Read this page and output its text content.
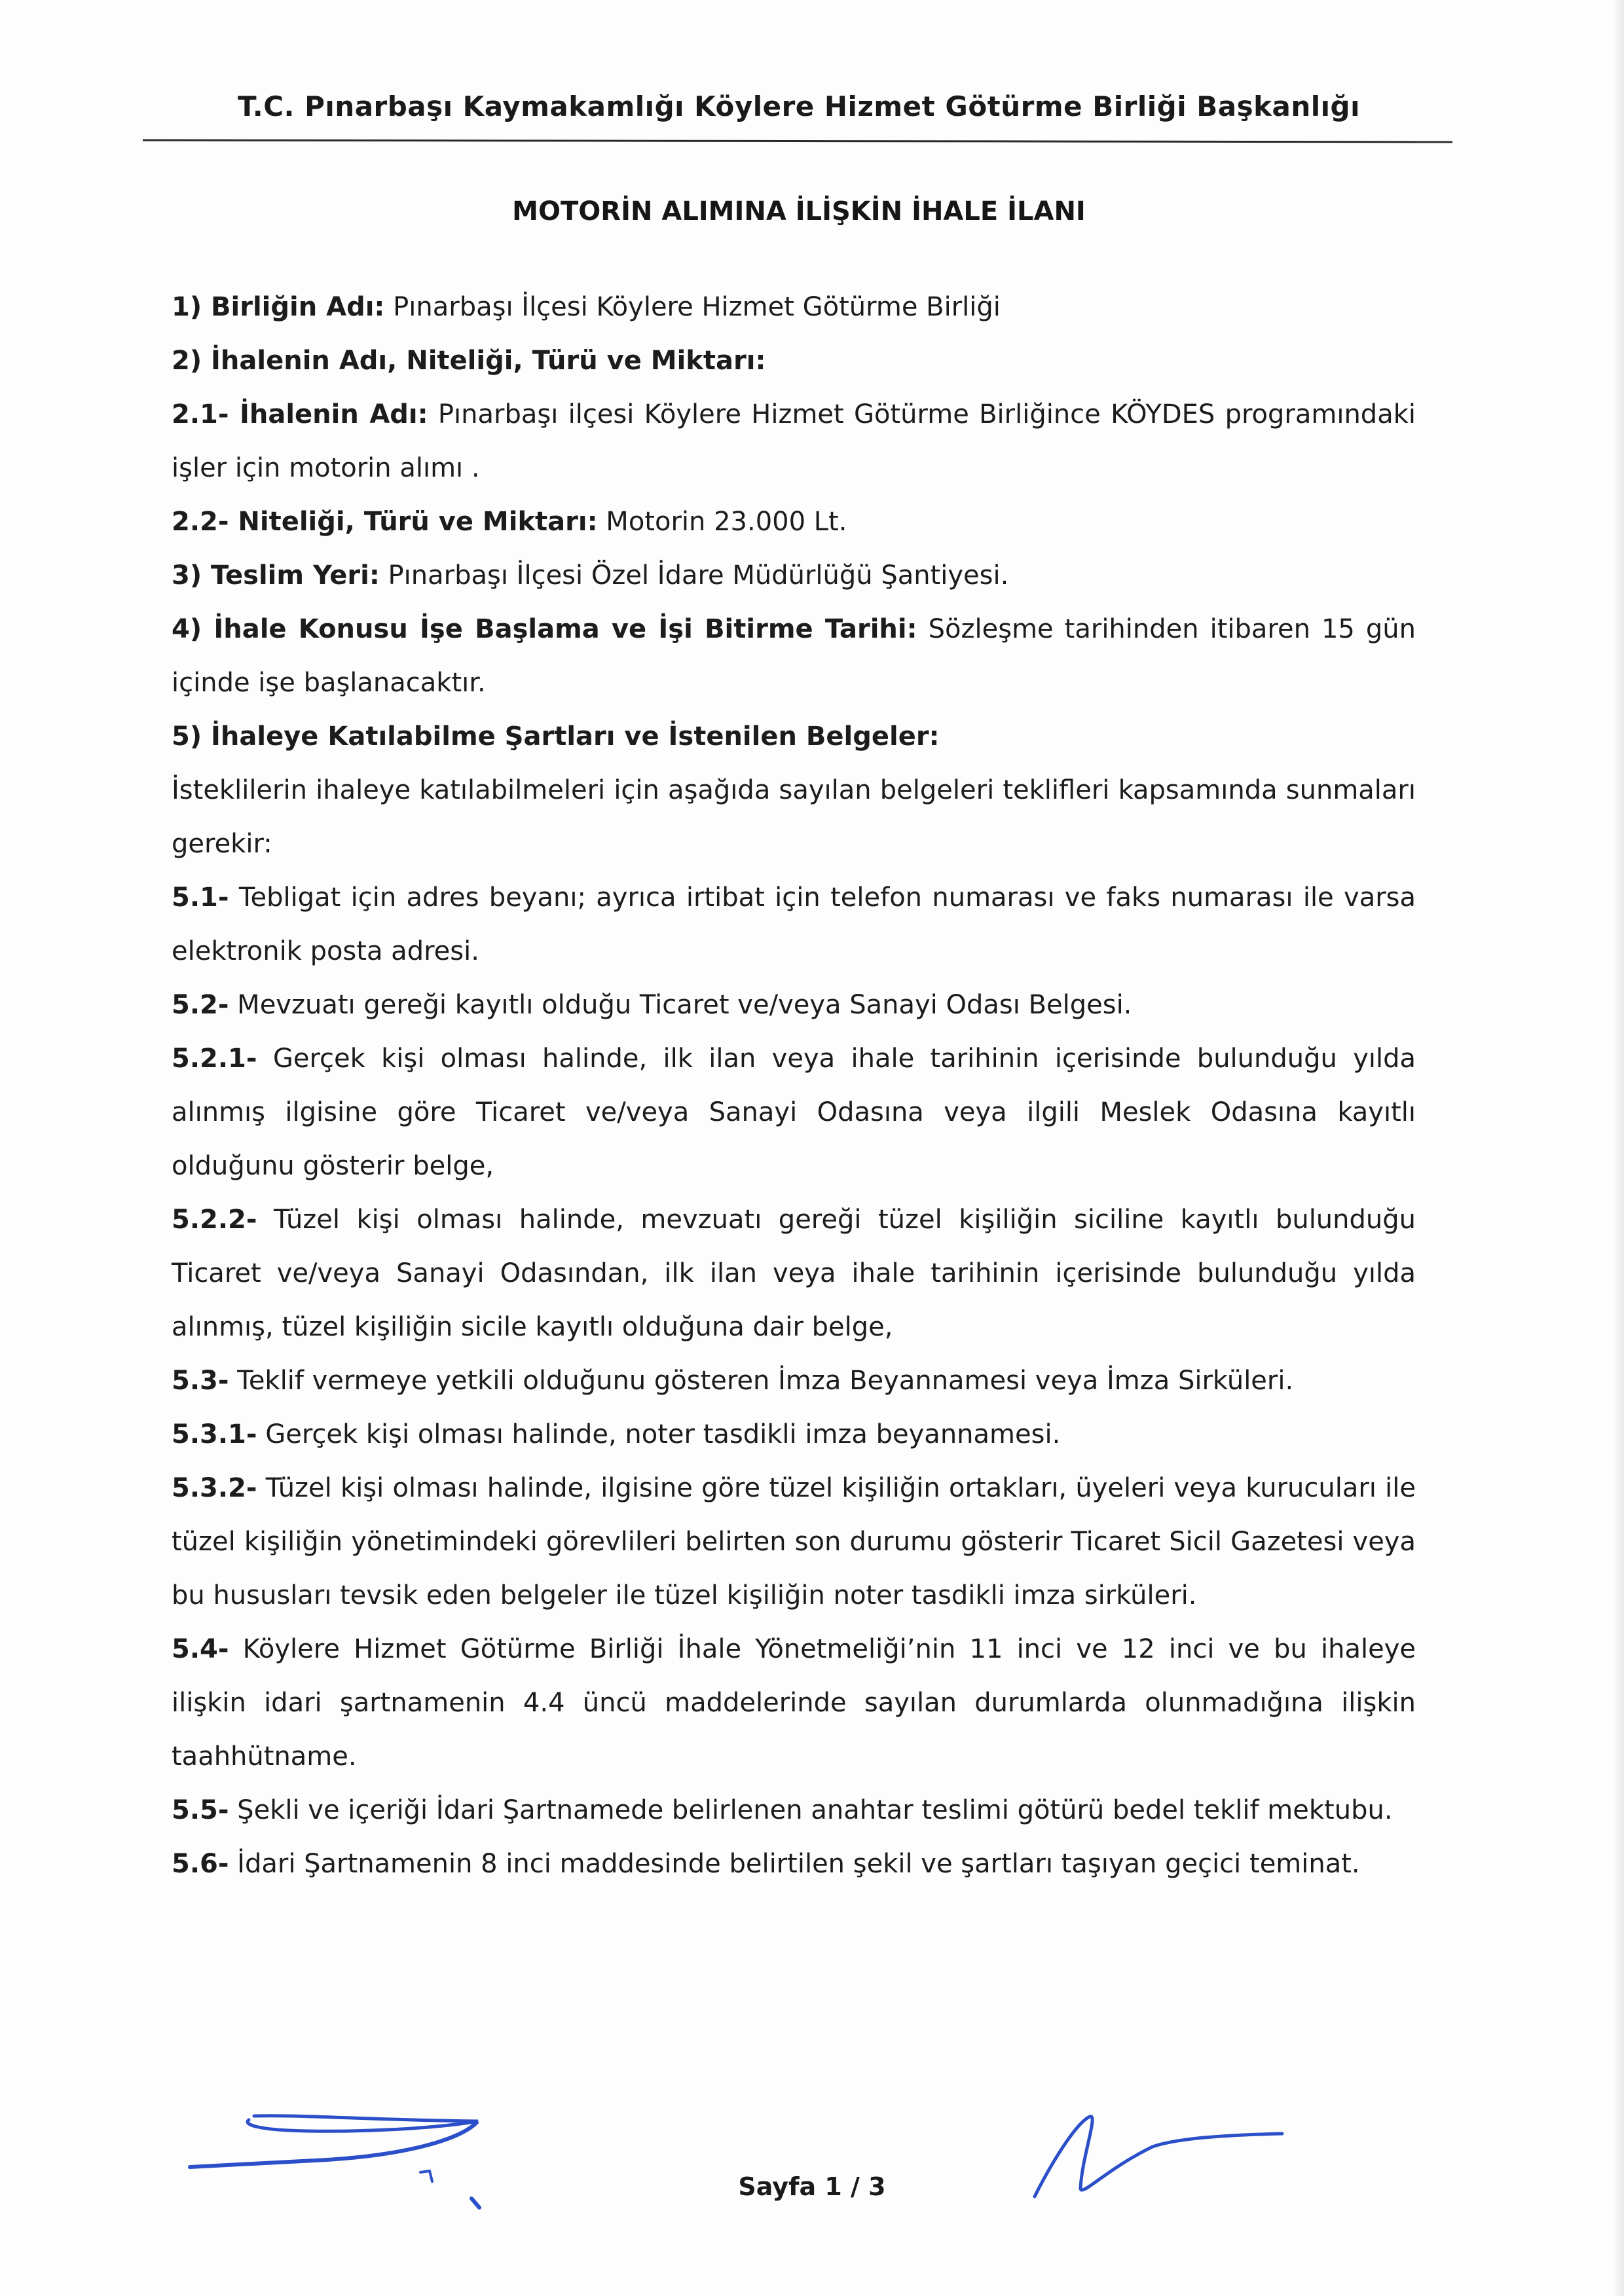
T.C. Pınarbaşı Kaymakamlığı Köylere Hizmet Götürme Birliği Başkanlığı
MOTORİN ALIMINA İLİŞKİN İHALE İLANI

1) Birliğin Adı: Pınarbaşı İlçesi Köylere Hizmet Götürme Birliği

2) İhalenin Adı, Niteliği, Türü ve Miktarı:

2.1- İhalenin Adı: Pınarbaşı ilçesi Köylere Hizmet Götürme Birliğince KÖYDES programındaki işler için motorin alımı .

2.2- Niteliği, Türü ve Miktarı: Motorin 23.000 Lt.

3) Teslim Yeri: Pınarbaşı İlçesi Özel İdare Müdürlüğü Şantiyesi.

4) İhale Konusu İşe Başlama ve İşi Bitirme Tarihi: Sözleşme tarihinden itibaren 15 gün içinde işe başlanacaktır.

5) İhaleye Katılabilme Şartları ve İstenilen Belgeler:

İsteklilerin ihaleye katılabilmeleri için aşağıda sayılan belgeleri teklifleri kapsamında sunmaları gerekir:

5.1- Tebligat için adres beyanı; ayrıca irtibat için telefon numarası ve faks numarası ile varsa elektronik posta adresi.

5.2- Mevzuatı gereği kayıtlı olduğu Ticaret ve/veya Sanayi Odası Belgesi.

5.2.1- Gerçek kişi olması halinde, ilk ilan veya ihale tarihinin içerisinde bulunduğu yılda alınmış ilgisine göre Ticaret ve/veya Sanayi Odasına veya ilgili Meslek Odasına kayıtlı olduğunu gösterir belge,

5.2.2- Tüzel kişi olması halinde, mevzuatı gereği tüzel kişiliğin siciline kayıtlı bulunduğu Ticaret ve/veya Sanayi Odasından, ilk ilan veya ihale tarihinin içerisinde bulunduğu yılda alınmış, tüzel kişiliğin sicile kayıtlı olduğuna dair belge,

5.3- Teklif vermeye yetkili olduğunu gösteren İmza Beyannamesi veya İmza Sirküleri.

5.3.1- Gerçek kişi olması halinde, noter tasdikli imza beyannamesi.

5.3.2- Tüzel kişi olması halinde, ilgisine göre tüzel kişiliğin ortakları, üyeleri veya kurucuları ile tüzel kişiliğin yönetimindeki görevlileri belirten son durumu gösterir Ticaret Sicil Gazetesi veya bu hususları tevsik eden belgeler ile tüzel kişiliğin noter tasdikli imza sirküleri.

5.4- Köylere Hizmet Götürme Birliği İhale Yönetmeliği’nin 11 inci ve 12 inci ve bu ihaleye ilişkin idari şartnamenin 4.4 üncü maddelerinde sayılan durumlarda olunmadığına ilişkin taahhütname.

5.5- Şekli ve içeriği İdari Şartnamede belirlenen anahtar teslimi götürü bedel teklif mektubu.

5.6- İdari Şartnamenin 8 inci maddesinde belirtilen şekil ve şartları taşıyan geçici teminat.

Sayfa 1 / 3
